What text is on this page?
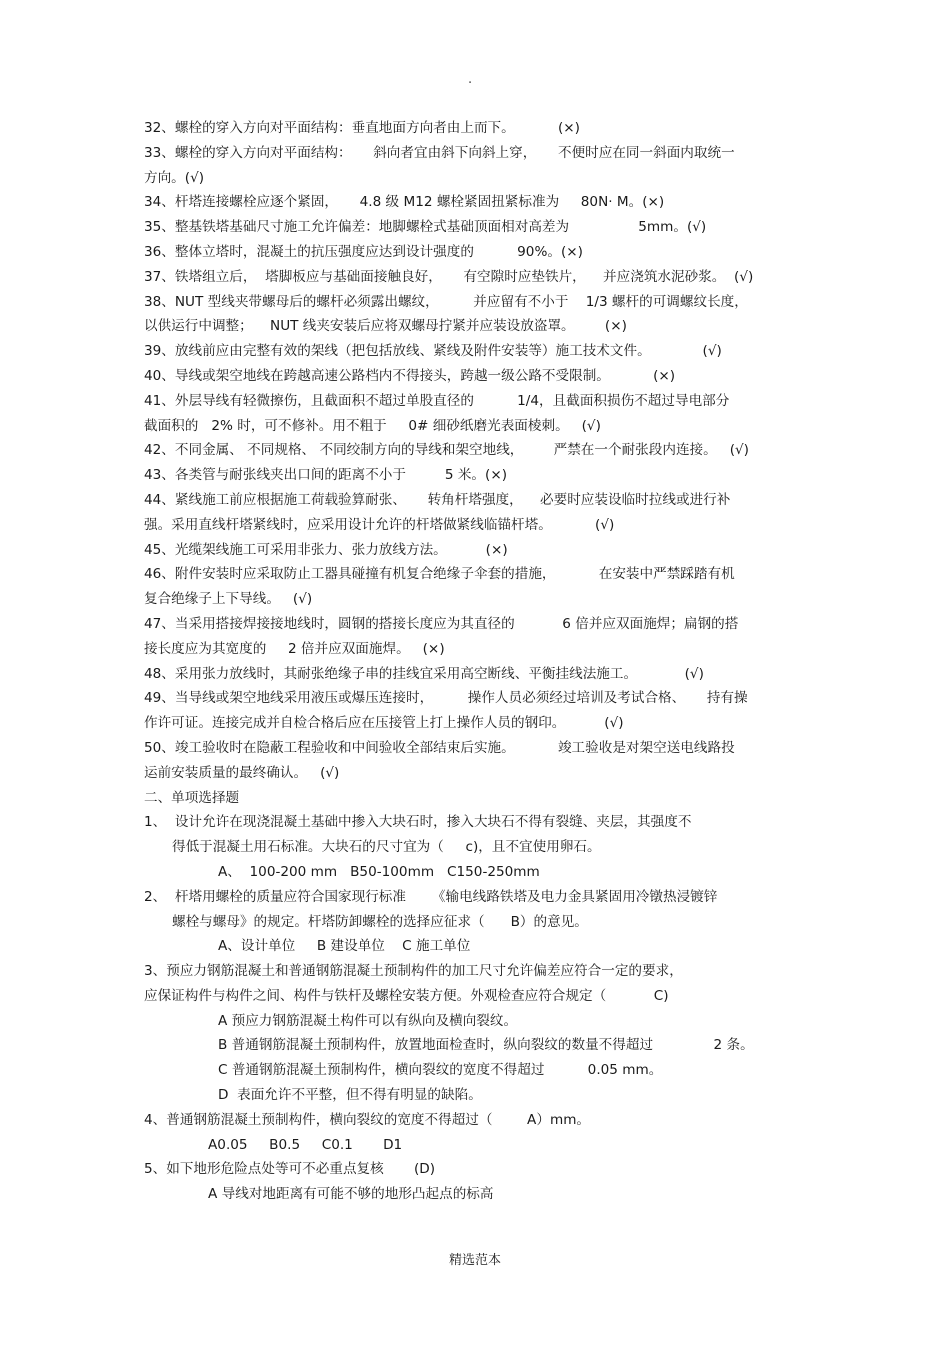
.
32、螺栓的穿入方向对平面结构：垂直地面方向者由上而下。          (×)
33、螺栓的穿入方向对平面结构：     斜向者宜由斜下向斜上穿，     不便时应在同一斜面内取统一
方向。(√)
34、杆塔连接螺栓应逐个紧固，     4.8 级 M12 螺栓紧固扭紧标准为     80N· M。(×)
35、整基铁塔基础尺寸施工允许偏差：地脚螺栓式基础顶面相对高差为                5mm。(√)
36、整体立塔时，混凝土的抗压强度应达到设计强度的          90%。(×)
37、铁塔组立后，  塔脚板应与基础面接触良好，     有空隙时应垫铁片，    并应浇筑水泥砂浆。  (√)
38、NUT 型线夹带螺母后的螺杆必须露出螺纹，        并应留有不小于    1/3 螺杆的可调螺纹长度，
以供运行中调整；    NUT 线夹安装后应将双螺母拧紧并应装设放盗罩。       (×)
39、放线前应由完整有效的架线（把包括放线、紧线及附件安装等）施工技术文件。            (√)
40、导线或架空地线在跨越高速公路档内不得接头，跨越一级公路不受限制。          (×)
41、外层导线有轻微擦伤，且截面积不超过单股直径的          1/4，且截面积损伤不超过导电部分
截面积的   2% 时，可不修补。用不粗于     0# 细砂纸磨光表面棱刺。   (√)
42、不同金属、 不同规格、 不同绞制方向的导线和架空地线，       严禁在一个耐张段内连接。   (√)
43、各类管与耐张线夹出口间的距离不小于         5 米。(×)
44、紧线施工前应根据施工荷载验算耐张、     转角杆塔强度，    必要时应装设临时拉线或进行补
强。采用直线杆塔紧线时，应采用设计允许的杆塔做紧线临锚杆塔。          (√)
45、光缆架线施工可采用非张力、张力放线方法。         (×)
46、附件安装时应采取防止工器具碰撞有机复合绝缘子伞套的措施，          在安装中严禁踩踏有机
复合绝缘子上下导线。   (√)
47、当采用搭接焊接接地线时，圆钢的搭接长度应为其直径的           6 倍并应双面施焊；扁钢的搭
接长度应为其宽度的     2 倍并应双面施焊。   (×)
48、采用张力放线时，其耐张绝缘子串的挂线宜采用高空断线、平衡挂线法施工。           (√)
49、当导线或架空地线采用液压或爆压连接时，        操作人员必须经过培训及考试合格、     持有操
作许可证。连接完成并自检合格后应在压接管上打上操作人员的钢印。         (√)
50、竣工验收时在隐蔽工程验收和中间验收全部结束后实施。          竣工验收是对架空送电线路投
运前安装质量的最终确认。   (√)
二、单项选择题
1、  设计允许在现浇混凝土基础中掺入大块石时，掺入大块石不得有裂缝、夹层，其强度不
得低于混凝土用石标准。大块石的尺寸宜为（     c)，且不宜使用卵石。
A、  100-200 mm   B50-100mm   C150-250mm
2、  杆塔用螺栓的质量应符合国家现行标准      《输电线路铁塔及电力金具紧固用冷镦热浸镀锌
螺栓与螺母》的规定。杆塔防卸螺栓的选择应征求（      B）的意见。
A、设计单位     B 建设单位    C 施工单位
3、预应力钢筋混凝土和普通钢筋混凝土预制构件的加工尺寸允许偏差应符合一定的要求，
应保证构件与构件之间、构件与铁杆及螺栓安装方便。外观检查应符合规定（           C)
A 预应力钢筋混凝土构件可以有纵向及横向裂纹。
B 普通钢筋混凝土预制构件，放置地面检查时，纵向裂纹的数量不得超过              2 条。
C 普通钢筋混凝土预制构件，横向裂纹的宽度不得超过          0.05 mm。
D  表面允许不平整，但不得有明显的缺陷。
4、普通钢筋混凝土预制构件，横向裂纹的宽度不得超过（        A）mm。
A0.05     B0.5     C0.1       D1
5、如下地形危险点处等可不必重点复核       (D)
A 导线对地距离有可能不够的地形凸起点的标高
精选范本
